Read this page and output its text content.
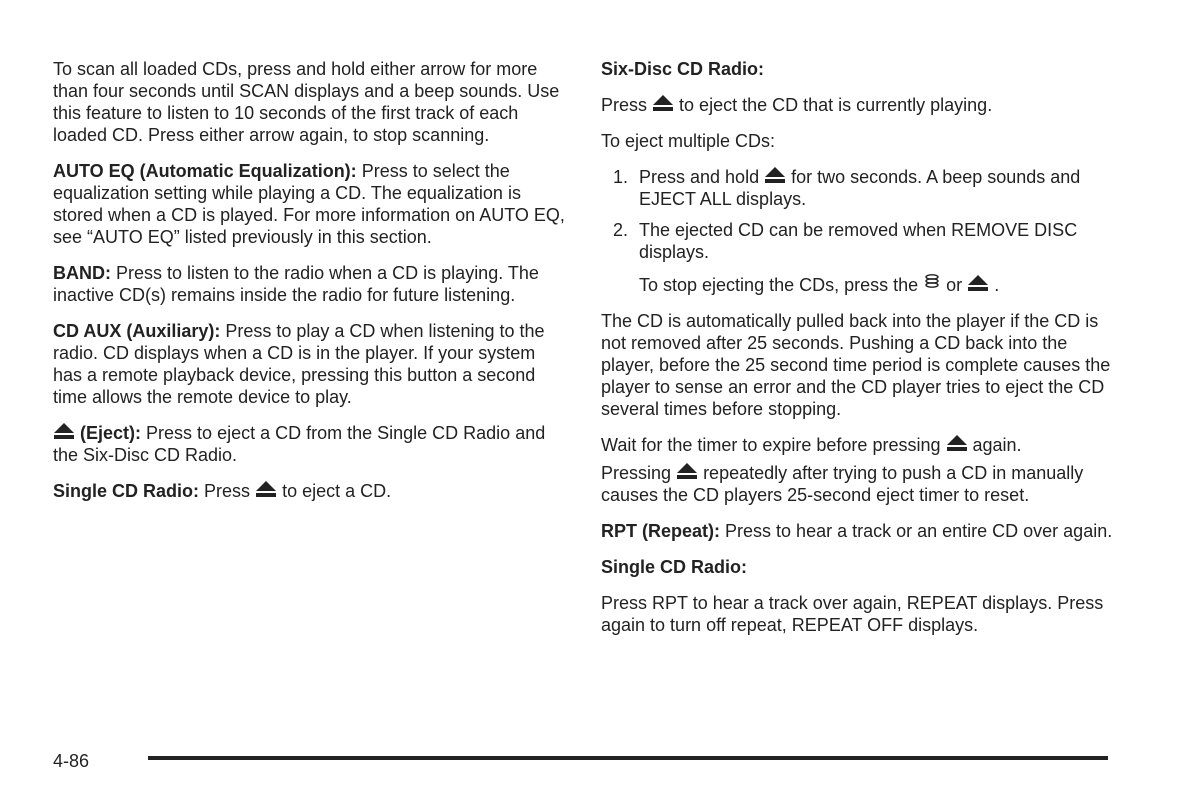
To scan all loaded CDs, press and hold either arrow for more than four seconds until SCAN displays and a beep sounds. Use this feature to listen to 10 seconds of the first track of each loaded CD. Press either arrow again, to stop scanning.

AUTO EQ (Automatic Equalization): Press to select the equalization setting while playing a CD. The equalization is stored when a CD is played. For more information on AUTO EQ, see “AUTO EQ” listed previously in this section.

BAND: Press to listen to the radio when a CD is playing. The inactive CD(s) remains inside the radio for future listening.

CD AUX (Auxiliary): Press to play a CD when listening to the radio. CD displays when a CD is in the player. If your system has a remote playback device, pressing this button a second time allows the remote device to play.

(Eject): Press to eject a CD from the Single CD Radio and the Six-Disc CD Radio.

Single CD Radio: Press to eject a CD.

Six-Disc CD Radio:

Press to eject the CD that is currently playing.

To eject multiple CDs:

1. Press and hold for two seconds. A beep sounds and EJECT ALL displays.
2. The ejected CD can be removed when REMOVE DISC displays.

To stop ejecting the CDs, press the or .

The CD is automatically pulled back into the player if the CD is not removed after 25 seconds. Pushing a CD back into the player, before the 25 second time period is complete causes the player to sense an error and the CD player tries to eject the CD several times before stopping.

Wait for the timer to expire before pressing again.

Pressing repeatedly after trying to push a CD in manually causes the CD players 25-second eject timer to reset.

RPT (Repeat): Press to hear a track or an entire CD over again.

Single CD Radio:

Press RPT to hear a track over again, REPEAT displays. Press again to turn off repeat, REPEAT OFF displays.

4-86
